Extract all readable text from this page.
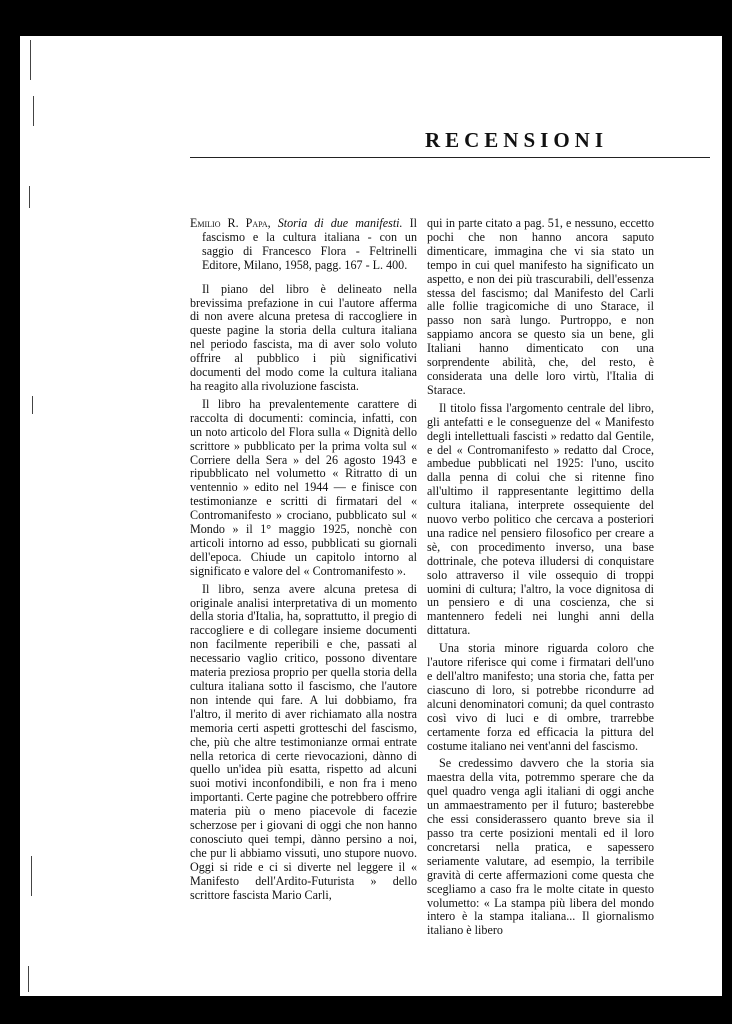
RECENSIONI
Emilio R. Papa, Storia di due manifesti. Il fascismo e la cultura italiana - con un saggio di Francesco Flora - Feltrinelli Editore, Milano, 1958, pagg. 167 - L. 400.

Il piano del libro è delineato nella brevissima prefazione in cui l'autore afferma di non avere alcuna pretesa di raccogliere in queste pagine la storia della cultura italiana nel periodo fascista, ma di aver solo voluto offrire al pubblico i più significativi documenti del modo come la cultura italiana ha reagito alla rivoluzione fascista.

Il libro ha prevalentemente carattere di raccolta di documenti: comincia, infatti, con un noto articolo del Flora sulla « Dignità dello scrittore » pubblicato per la prima volta sul « Corriere della Sera » del 26 agosto 1943 e ripubblicato nel volumetto « Ritratto di un ventennio » edito nel 1944 — e finisce con testimonianze e scritti di firmatari del « Contromanifesto » crociano, pubblicato sul « Mondo » il 1° maggio 1925, nonchè con articoli intorno ad esso, pubblicati su giornali dell'epoca. Chiude un capitolo intorno al significato e valore del « Contromanifesto ».

Il libro, senza avere alcuna pretesa di originale analisi interpretativa di un momento della storia d'Italia, ha, soprattutto, il pregio di raccogliere e di collegare insieme documenti non facilmente reperibili e che, passati al necessario vaglio critico, possono diventare materia preziosa proprio per quella storia della cultura italiana sotto il fascismo, che l'autore non intende qui fare. A lui dobbiamo, fra l'altro, il merito di aver richiamato alla nostra memoria certi aspetti grotteschi del fascismo, che, più che altre testimonianze ormai entrate nella retorica di certe rievocazioni, dànno di quello un'idea più esatta, rispetto ad alcuni suoi motivi inconfondibili, e non fra i meno importanti. Certe pagine che potrebbero offrire materia più o meno piacevole di facezie scherzose per i giovani di oggi che non hanno conosciuto quei tempi, dànno persino a noi, che pur li abbiamo vissuti, uno stupore nuovo. Oggi si ride e ci si diverte nel leggere il « Manifesto dell'Ardito-Futurista » dello scrittore fascista Mario Carli,

qui in parte citato a pag. 51, e nessuno, eccetto pochi che non hanno ancora saputo dimenticare, immagina che vi sia stato un tempo in cui quel manifesto ha significato un aspetto, e non dei più trascurabili, dell'essenza stessa del fascismo; dal Manifesto del Carli alle follie tragicomiche di uno Starace, il passo non sarà lungo. Purtroppo, e non sappiamo ancora se questo sia un bene, gli Italiani hanno dimenticato con una sorprendente abilità, che, del resto, è considerata una delle loro virtù, l'Italia di Starace.

Il titolo fissa l'argomento centrale del libro, gli antefatti e le conseguenze del « Manifesto degli intellettuali fascisti » redatto dal Gentile, e del « Contromanifesto » redatto dal Croce, ambedue pubblicati nel 1925: l'uno, uscito dalla penna di colui che si ritenne fino all'ultimo il rappresentante legittimo della cultura italiana, interprete ossequiente del nuovo verbo politico che cercava a posteriori una radice nel pensiero filosofico per creare a sè, con procedimento inverso, una base dottrinale, che poteva illudersi di conquistare solo attraverso il vile ossequio di troppi uomini di cultura; l'altro, la voce dignitosa di un pensiero e di una coscienza, che si mantennero fedeli nei lunghi anni della dittatura.

Una storia minore riguarda coloro che l'autore riferisce qui come i firmatari dell'uno e dell'altro manifesto; una storia che, fatta per ciascuno di loro, si potrebbe ricondurre ad alcuni denominatori comuni; da quel contrasto così vivo di luci e di ombre, trarrebbe certamente forza ed efficacia la pittura del costume italiano nei vent'anni del fascismo.

Se credessimo davvero che la storia sia maestra della vita, potremmo sperare che da quel quadro venga agli italiani di oggi anche un ammaestramento per il futuro; basterebbe che essi considerassero quanto breve sia il passo tra certe posizioni mentali ed il loro concretarsi nella pratica, e sapessero seriamente valutare, ad esempio, la terribile gravità di certe affermazioni come questa che scegliamo a caso fra le molte citate in questo volumetto: « La stampa più libera del mondo intero è la stampa italiana... Il giornalismo italiano è libero
